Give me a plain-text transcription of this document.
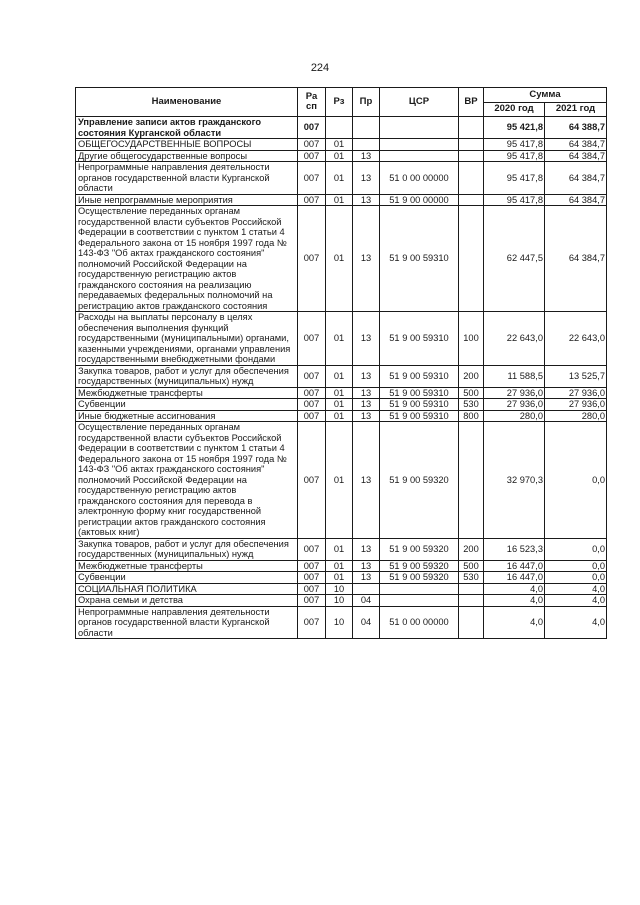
224
Наименование	Ра сп	Рз	Пр	ЦСР	ВР	Сумма	
						2020 год	2021 год
Управление записи актов гражданского состояния Курганской области	007					95 421,8	64 388,7
ОБЩЕГОСУДАРСТВЕННЫЕ ВОПРОСЫ	007	01				95 417,8	64 384,7
Другие общегосударственные вопросы	007	01	13			95 417,8	64 384,7
Непрограммные направления деятельности органов государственной власти Курганской области	007	01	13	51 0 00 00000		95 417,8	64 384,7
Иные непрограммные мероприятия	007	01	13	51 9 00 00000		95 417,8	64 384,7
Осуществление переданных органам государственной власти субъектов Российской Федерации в соответствии с пунктом 1 статьи 4 Федерального закона от 15 ноября 1997 года № 143-ФЗ "Об актах гражданского состояния" полномочий Российской Федерации на государственную регистрацию актов гражданского состояния на реализацию передаваемых федеральных полномочий на регистрацию актов гражданского состояния	007	01	13	51 9 00 59310		62 447,5	64 384,7
Расходы на выплаты персоналу в целях обеспечения выполнения функций государственными (муниципальными) органами, казенными учреждениями, органами управления государственными внебюджетными фондами	007	01	13	51 9 00 59310	100	22 643,0	22 643,0
Закупка товаров, работ и услуг для обеспечения государственных (муниципальных) нужд	007	01	13	51 9 00 59310	200	11 588,5	13 525,7
Межбюджетные трансферты	007	01	13	51 9 00 59310	500	27 936,0	27 936,0
Субвенции	007	01	13	51 9 00 59310	530	27 936,0	27 936,0
Иные бюджетные ассигнования	007	01	13	51 9 00 59310	800	280,0	280,0
Осуществление переданных органам государственной власти субъектов Российской Федерации в соответствии с пунктом 1 статьи 4 Федерального закона от 15 ноября 1997 года № 143-ФЗ "Об актах гражданского состояния" полномочий Российской Федерации на государственную регистрацию актов гражданского состояния для перевода в электронную форму книг государственной регистрации актов гражданского состояния (актовых книг)	007	01	13	51 9 00 59320		32 970,3	0,0
Закупка товаров, работ и услуг для обеспечения государственных (муниципальных) нужд	007	01	13	51 9 00 59320	200	16 523,3	0,0
Межбюджетные трансферты	007	01	13	51 9 00 59320	500	16 447,0	0,0
Субвенции	007	01	13	51 9 00 59320	530	16 447,0	0,0
СОЦИАЛЬНАЯ ПОЛИТИКА	007	10				4,0	4,0
Охрана семьи и детства	007	10	04			4,0	4,0
Непрограммные направления деятельности органов государственной власти Курганской области	007	10	04	51 0 00 00000		4,0	4,0
